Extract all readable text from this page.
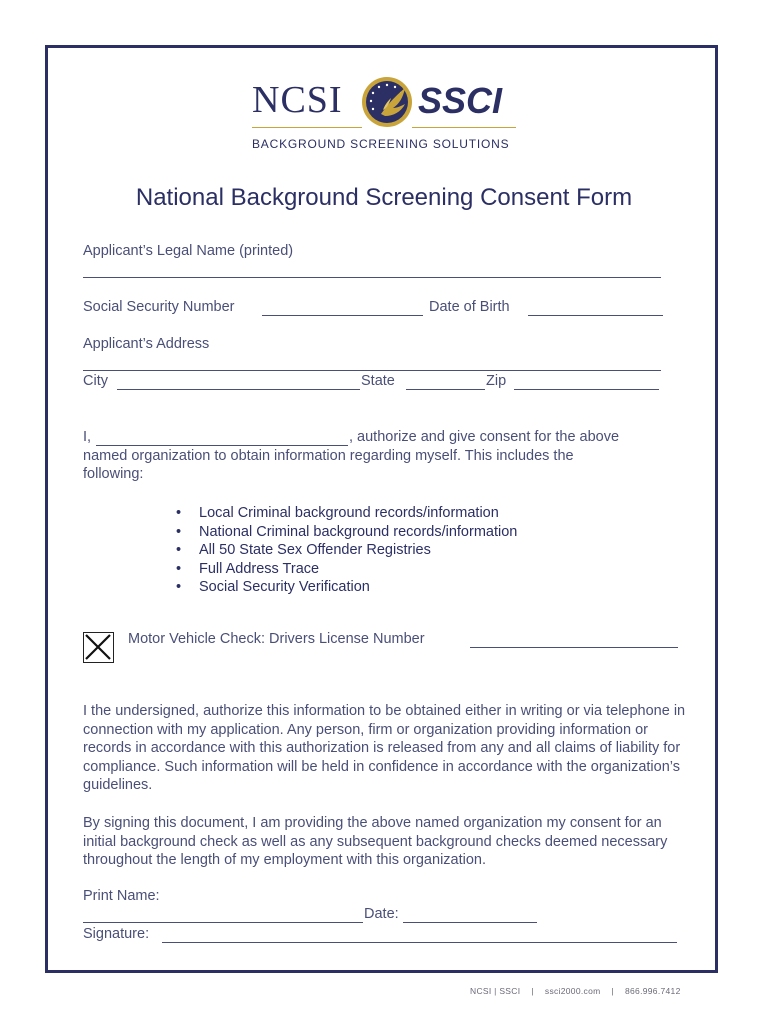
NCSI SSCI
BACKGROUND SCREENING SOLUTIONS
National Background Screening Consent Form
Applicant’s Legal Name (printed)
Social Security Number	Date of Birth
Applicant’s Address
City	State	Zip
I,	, authorize and give consent for the above
named organization to obtain information regarding myself. This includes the
following:
• Local Criminal background records/information
• National Criminal background records/information
• All 50 State Sex Offender Registries
• Full Address Trace
• Social Security Verification
Motor Vehicle Check: Drivers License Number
I the undersigned, authorize this information to be obtained either in writing or via telephone in connection with my application. Any person, firm or organization providing information or records in accordance with this authorization is released from any and all claims of liability for compliance. Such information will be held in confidence in accordance with the organization’s guidelines.
By signing this document, I am providing the above named organization my consent for an initial background check as well as any subsequent background checks deemed necessary throughout the length of my employment with this organization.
Print Name:
Date:
Signature:
NCSI | SSCI | ssci2000.com | 866.996.7412
